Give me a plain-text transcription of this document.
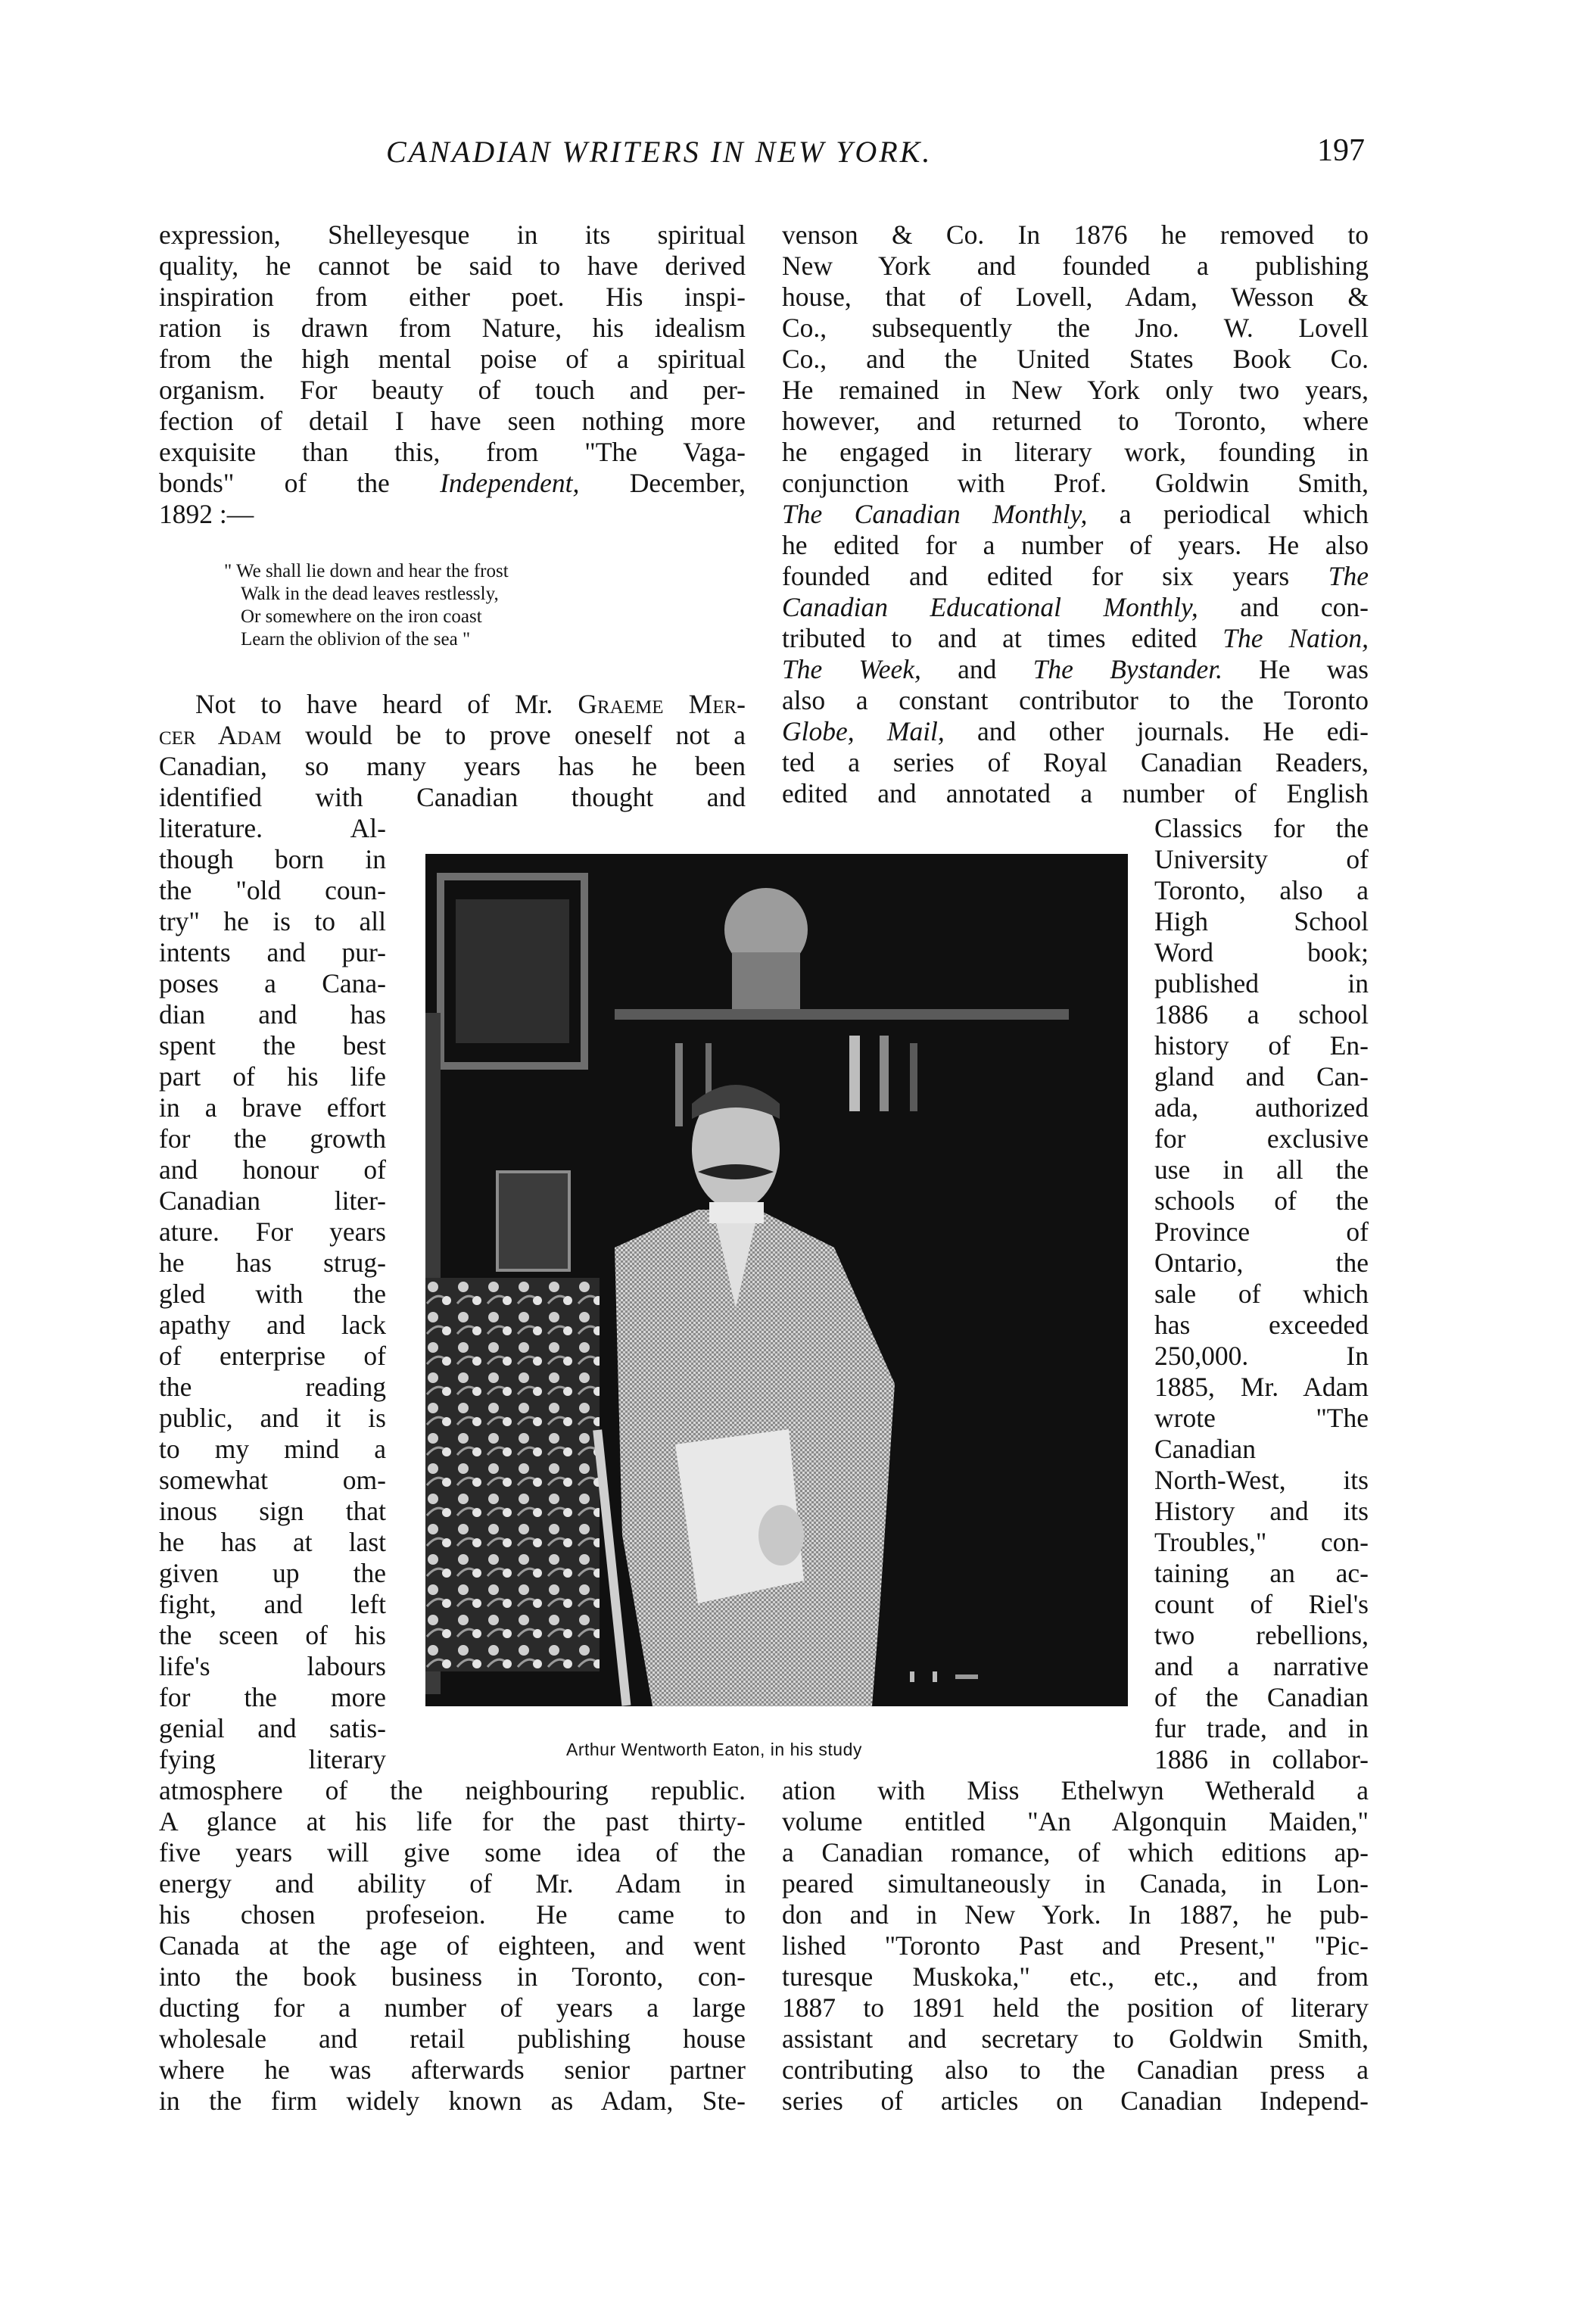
CANADIAN WRITERS IN NEW YORK.	197

expression, Shelleyesque in its spiritual

quality, he cannot be said to have derived

inspiration from either poet. His inspi-

ration is drawn from Nature, his idealism

from the high mental poise of a spiritual

organism. For beauty of touch and per-

fection of detail I have seen nothing more

exquisite than this, from "The Vaga-

bonds" of the Independent, December,

1892 :—

" We shall lie down and hear the frost
Walk in the dead leaves restlessly,
Or somewhere on the iron coast
Learn the oblivion of the sea "

Not to have heard of Mr. Graeme Mer-

cer Adam would be to prove oneself not a

Canadian, so many years has he been

identified with Canadian thought and

literature. Al-

though born in

the "old coun-

try" he is to all

intents and pur-

poses a Cana-

dian and has

spent the best

part of his life

in a brave effort

for the growth

and honour of

Canadian liter-

ature. For years

he has strug-

gled with the

apathy and lack

of enterprise of

the reading

public, and it is

to my mind a

somewhat om-

inous sign that

he has at last

given up the

fight, and left

the sceen of his

life's labours

for the more

genial and satis-

fying literary

atmosphere of the neighbouring republic.

A glance at his life for the past thirty-

five years will give some idea of the

energy and ability of Mr. Adam in

his chosen profeseion. He came to

Canada at the age of eighteen, and went

into the book business in Toronto, con-

ducting for a number of years a large

wholesale and retail publishing house

where he was afterwards senior partner

in the firm widely known as Adam, Ste-

venson & Co. In 1876 he removed to

New York and founded a publishing

house, that of Lovell, Adam, Wesson &

Co., subsequently the Jno. W. Lovell

Co., and the United States Book Co.

He remained in New York only two years,

however, and returned to Toronto, where

he engaged in literary work, founding in

conjunction with Prof. Goldwin Smith,

The Canadian Monthly, a periodical which

he edited for a number of years. He also

founded and edited for six years The

Canadian Educational Monthly, and con-

tributed to and at times edited The Nation,

The Week, and The Bystander. He was

also a constant contributor to the Toronto

Globe, Mail, and other journals. He edi-

ted a series of Royal Canadian Readers,

edited and annotated a number of English

Classics for the

University of

Toronto, also a

High School

Word book;

published in

1886 a school

history of En-

gland and Can-

ada, authorized

for exclusive

use in all the

schools of the

Province of

Ontario, the

sale of which

has exceeded

250,000. In

1885, Mr. Adam

wrote "The

Canadian

North-West, its

History and its

Troubles," con-

taining an ac-

count of Riel's

two rebellions,

and a narrative

of the Canadian

fur trade, and in

1886 in collabor-

ation with Miss Ethelwyn Wetherald a

volume entitled "An Algonquin Maiden,"

a Canadian romance, of which editions ap-

peared simultaneously in Canada, in Lon-

don and in New York. In 1887, he pub-

lished "Toronto Past and Present," "Pic-

turesque Muskoka," etc., etc., and from

1887 to 1891 held the position of literary

assistant and secretary to Goldwin Smith,

contributing also to the Canadian press a

series of articles on Canadian Independ-

Arthur Wentworth Eaton, in his study
